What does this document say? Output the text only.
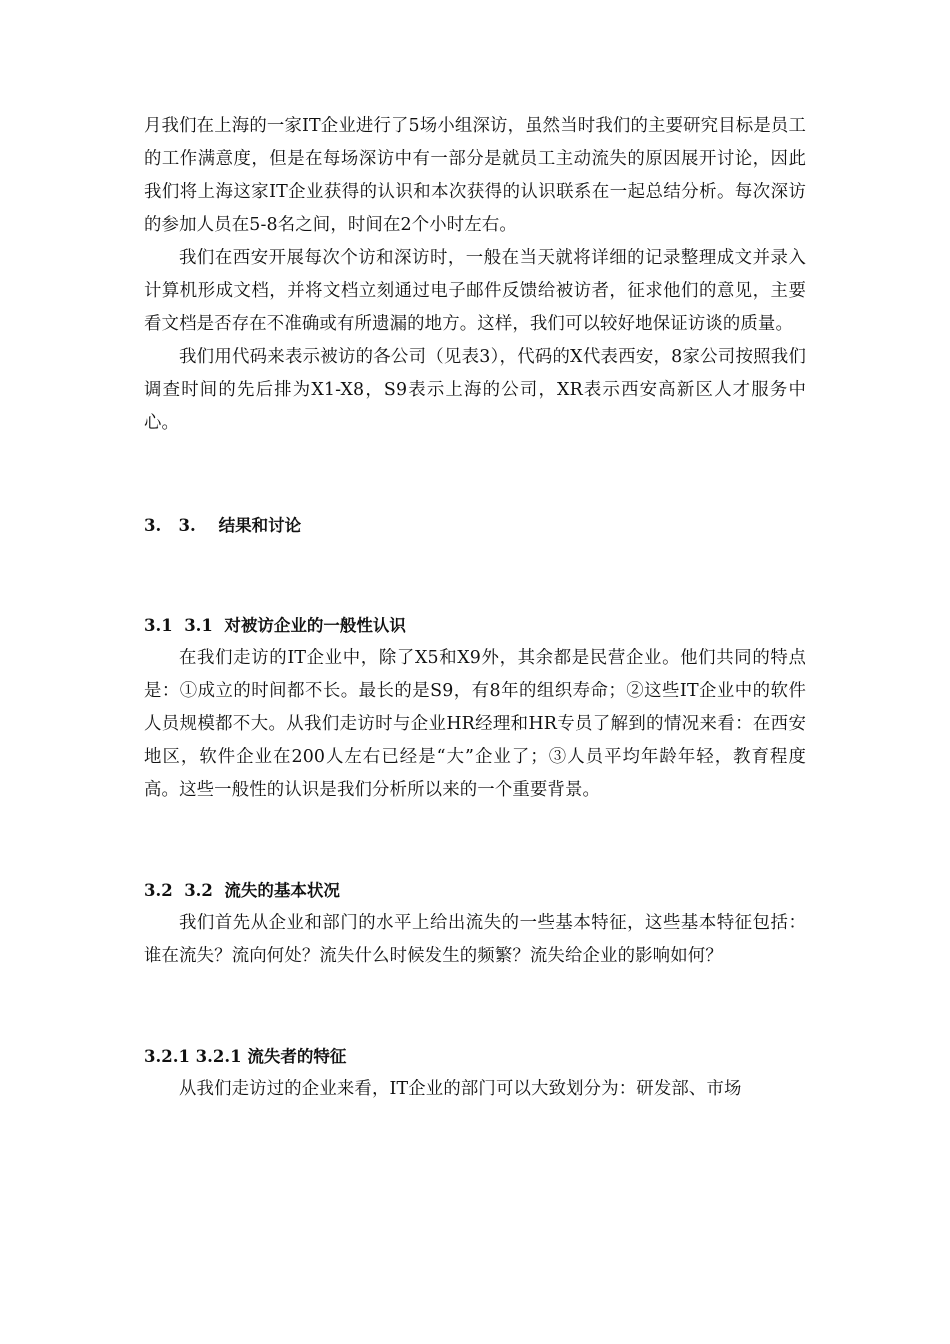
月我们在上海的一家IT企业进行了5场小组深访，虽然当时我们的主要研究目标是员工的工作满意度，但是在每场深访中有一部分是就员工主动流失的原因展开讨论，因此我们将上海这家IT企业获得的认识和本次获得的认识联系在一起总结分析。每次深访的参加人员在5-8名之间，时间在2个小时左右。

我们在西安开展每次个访和深访时，一般在当天就将详细的记录整理成文并录入计算机形成文档，并将文档立刻通过电子邮件反馈给被访者，征求他们的意见，主要看文档是否存在不准确或有所遗漏的地方。这样，我们可以较好地保证访谈的质量。

我们用代码来表示被访的各公司（见表3），代码的X代表西安，8家公司按照我们调查时间的先后排为X1-X8，S9表示上海的公司，XR表示西安高新区人才服务中心。

3.   3.    结果和讨论
3.1  3.1  对被访企业的一般性认识

在我们走访的IT企业中，除了X5和X9外，其余都是民营企业。他们共同的特点是：①成立的时间都不长。最长的是S9，有8年的组织寿命；②这些IT企业中的软件人员规模都不大。从我们走访时与企业HR经理和HR专员了解到的情况来看：在西安地区，软件企业在200人左右已经是“大”企业了；③人员平均年龄年轻，教育程度高。这些一般性的认识是我们分析所以来的一个重要背景。

3.2  3.2  流失的基本状况

我们首先从企业和部门的水平上给出流失的一些基本特征，这些基本特征包括：谁在流失？流向何处？流失什么时候发生的频繁？流失给企业的影响如何？

3.2.1 3.2.1 流失者的特征

从我们走访过的企业来看，IT企业的部门可以大致划分为：研发部、市场
